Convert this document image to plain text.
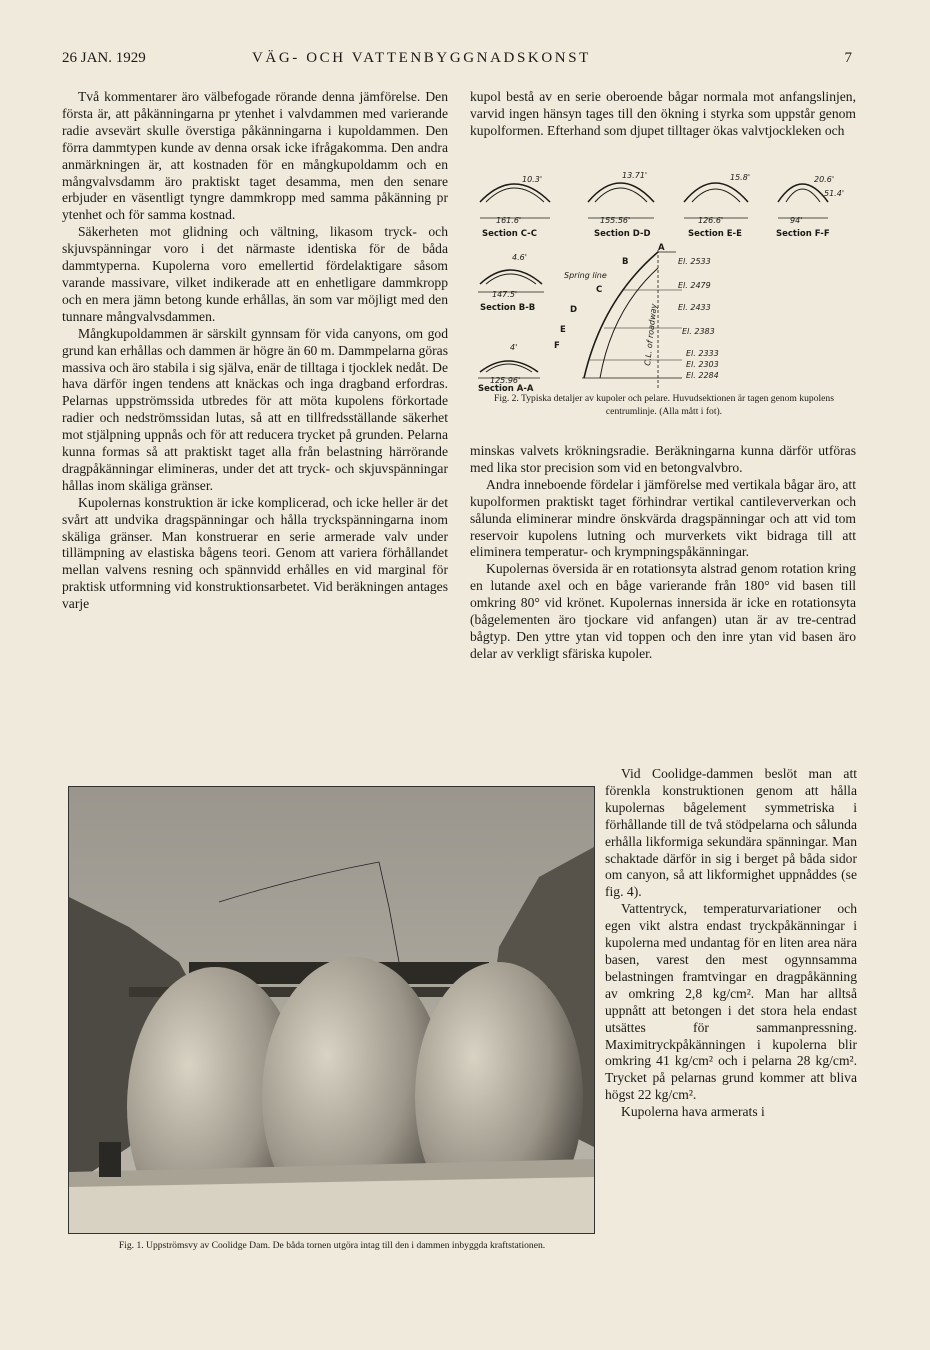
26 JAN. 1929	VÄG- OCH VATTENBYGGNADSKONST	7

Två kommentarer äro välbefogade rörande denna jämförelse. Den första är, att påkänningarna pr ytenhet i valvdammen med varierande radie avsevärt skulle överstiga påkänningarna i kupoldammen. Den förra dammtypen kunde av denna orsak icke ifrågakomma. Den andra anmärkningen är, att kostnaden för en mångkupoldamm och en mångvalvsdamm äro praktiskt taget desamma, men den senare erbjuder en väsentligt tyngre dammkropp med samma påkänning pr ytenhet och för samma kostnad.

Säkerheten mot glidning och vältning, likasom tryck- och skjuvspänningar voro i det närmaste identiska för de båda dammtyperna. Kupolerna voro emellertid fördelaktigare såsom varande massivare, vilket indikerade att en enhetligare dammkropp och en mera jämn betong kunde erhållas, än som var möjligt med den tunnare mångvalvsdammen.

Mångkupoldammen är särskilt gynnsam för vida canyons, om god grund kan erhållas och dammen är högre än 60 m. Dammpelarna göras massiva och äro stabila i sig själva, enär de tilltaga i tjocklek nedåt. De hava därför ingen tendens att knäckas och inga dragband erfordras. Pelarnas uppströmssida utbredes för att möta kupolens förkortade radier och nedströmssidan lutas, så att en tillfredsställande säkerhet mot stjälpning uppnås och för att reducera trycket på grunden. Pelarna kunna formas så att praktiskt taget alla från belastning härrörande dragpåkänningar elimineras, under det att tryck- och skjuvspänningar hållas inom skäliga gränser.

Kupolernas konstruktion är icke komplicerad, och icke heller är det svårt att undvika dragspänningar och hålla tryckspänningarna inom skäliga gränser. Man konstruerar en serie armerade valv under tillämpning av elastiska bågens teori. Genom att variera förhållandet mellan valvens resning och spännvidd erhålles en vid marginal för praktisk utformning vid konstruktionsarbetet. Vid beräkningen antages varje

kupol bestå av en serie oberoende bågar normala mot anfangslinjen, varvid ingen hänsyn tages till den ökning i styrka som uppstår genom kupolformen. Efterhand som djupet tilltager ökas valvtjockleken och

10.3'
161.6'
Section C-C
13.71'
155.56'
Section D-D
15.8'
126.6'
Section E-E
20.6'
51.4'
94'
Section F-F
4.6'
147.5'
Section B-B
4'
125.96'
Section A-A
Spring line
C.L. of roadway
A
B
C
D
E
F
El. 2533
El. 2479
El. 2433
El. 2383
El. 2333
El. 2303
El. 2284
Fig. 2. Typiska detaljer av kupoler och pelare. Huvudsektionen är tagen genom kupolens centrumlinje. (Alla mått i fot).

minskas valvets krökningsradie. Beräkningarna kunna därför utföras med lika stor precision som vid en betongvalvbro.

Andra inneboende fördelar i jämförelse med vertikala bågar äro, att kupolformen praktiskt taget förhindrar vertikal cantileververkan och sålunda eliminerar mindre önskvärda dragspänningar och att vid tom reservoir kupolens lutning och murverkets vikt bidraga till att eliminera temperatur- och krympningspåkänningar.

Kupolernas översida är en rotationsyta alstrad genom rotation kring en lutande axel och en båge varierande från 180° vid basen till omkring 80° vid krönet. Kupolernas innersida är icke en rotationsyta (bågelementen äro tjockare vid anfangen) utan är av tre-centrad bågtyp. Den yttre ytan vid toppen och den inre ytan vid basen äro delar av verkligt sfäriska kupoler.

Fig. 1. Uppströmsvy av Coolidge Dam. De båda tornen utgöra intag till den i dammen inbyggda kraftstationen.

Vid Coolidge-dammen beslöt man att förenkla konstruktionen genom att hålla kupolernas bågelement symmetriska i förhållande till de två stödpelarna och sålunda erhålla likformiga sekundära spänningar. Man schaktade därför in sig i berget på båda sidor om canyon, så att likformighet uppnåddes (se fig. 4).

Vattentryck, temperaturvariationer och egen vikt alstra endast tryckpåkänningar i kupolerna med undantag för en liten area nära basen, varest den mest ogynnsamma belastningen framtvingar en dragpåkänning av omkring 2,8 kg/cm². Man har alltså uppnått att betongen i det stora hela endast utsättes för sammanpressning. Maximitryckpåkänningen i kupolerna blir omkring 41 kg/cm² och i pelarna 28 kg/cm². Trycket på pelarnas grund kommer att bliva högst 22 kg/cm².

Kupolerna hava armerats i
